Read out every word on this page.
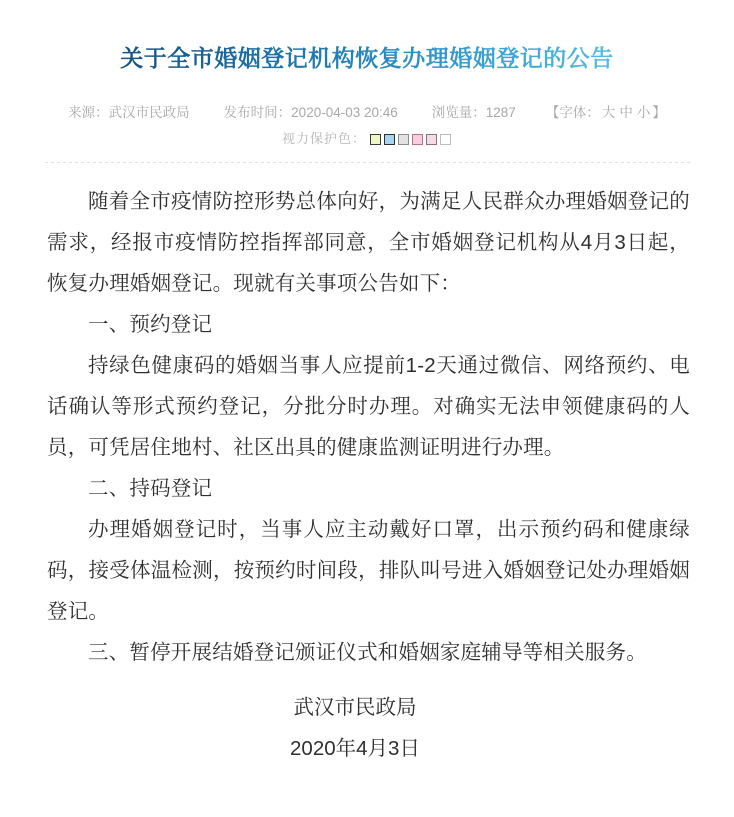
关于全市婚姻登记机构恢复办理婚姻登记的公告
来源：武汉市民政局	发布时间：2020-04-03 20:46	浏览量：1287 【字体： 大 中 小 】
视力保护色：

随着全市疫情防控形势总体向好，为满足人民群众办理婚姻登记的需求，经报市疫情防控指挥部同意，全市婚姻登记机构从4月3日起，恢复办理婚姻登记。现就有关事项公告如下：

一、预约登记

持绿色健康码的婚姻当事人应提前1-2天通过微信、网络预约、电话确认等形式预约登记，分批分时办理。对确实无法申领健康码的人员，可凭居住地村、社区出具的健康监测证明进行办理。

二、持码登记

办理婚姻登记时，当事人应主动戴好口罩，出示预约码和健康绿码，接受体温检测，按预约时间段，排队叫号进入婚姻登记处办理婚姻登记。

三、暂停开展结婚登记颁证仪式和婚姻家庭辅导等相关服务。

武汉市民政局
2020年4月3日
